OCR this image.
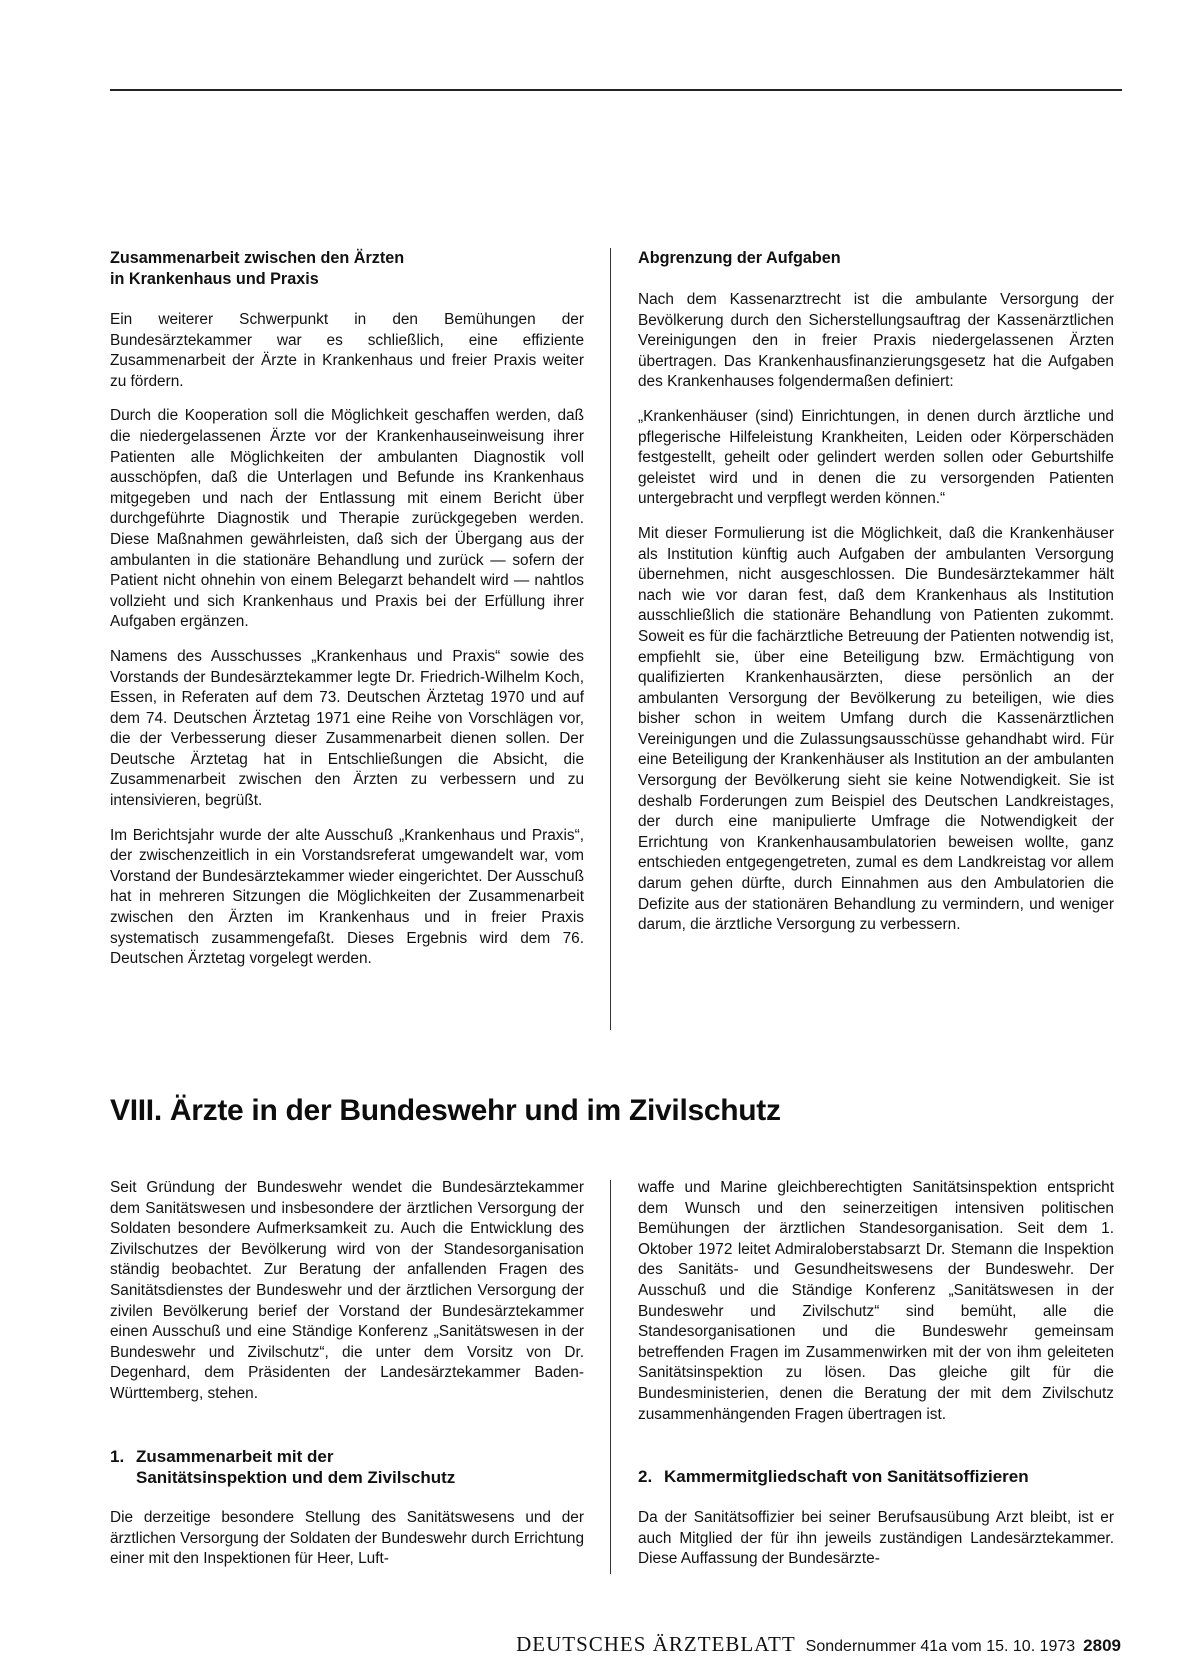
Zusammenarbeit zwischen den Ärzten
in Krankenhaus und Praxis

Ein weiterer Schwerpunkt in den Bemühungen der Bundesärztekammer war es schließlich, eine effiziente Zusammenarbeit der Ärzte in Krankenhaus und freier Praxis weiter zu fördern.

Durch die Kooperation soll die Möglichkeit geschaffen werden, daß die niedergelassenen Ärzte vor der Krankenhauseinweisung ihrer Patienten alle Möglichkeiten der ambulanten Diagnostik voll ausschöpfen, daß die Unterlagen und Befunde ins Krankenhaus mitgegeben und nach der Entlassung mit einem Bericht über durchgeführte Diagnostik und Therapie zurückgegeben werden. Diese Maßnahmen gewährleisten, daß sich der Übergang aus der ambulanten in die stationäre Behandlung und zurück — sofern der Patient nicht ohnehin von einem Belegarzt behandelt wird — nahtlos vollzieht und sich Krankenhaus und Praxis bei der Erfüllung ihrer Aufgaben ergänzen.

Namens des Ausschusses „Krankenhaus und Praxis“ sowie des Vorstands der Bundesärztekammer legte Dr. Friedrich-Wilhelm Koch, Essen, in Referaten auf dem 73. Deutschen Ärztetag 1970 und auf dem 74. Deutschen Ärztetag 1971 eine Reihe von Vorschlägen vor, die der Verbesserung dieser Zusammenarbeit dienen sollen. Der Deutsche Ärztetag hat in Entschließungen die Absicht, die Zusammenarbeit zwischen den Ärzten zu verbessern und zu intensivieren, begrüßt.

Im Berichtsjahr wurde der alte Ausschuß „Krankenhaus und Praxis“, der zwischenzeitlich in ein Vorstandsreferat umgewandelt war, vom Vorstand der Bundesärztekammer wieder eingerichtet. Der Ausschuß hat in mehreren Sitzungen die Möglichkeiten der Zusammenarbeit zwischen den Ärzten im Krankenhaus und in freier Praxis systematisch zusammengefaßt. Dieses Ergebnis wird dem 76. Deutschen Ärztetag vorgelegt werden.

Abgrenzung der Aufgaben

Nach dem Kassenarztrecht ist die ambulante Versorgung der Bevölkerung durch den Sicherstellungsauftrag der Kassenärztlichen Vereinigungen den in freier Praxis niedergelassenen Ärzten übertragen. Das Krankenhausfinanzierungsgesetz hat die Aufgaben des Krankenhauses folgendermaßen definiert:

„Krankenhäuser (sind) Einrichtungen, in denen durch ärztliche und pflegerische Hilfeleistung Krankheiten, Leiden oder Körperschäden festgestellt, geheilt oder gelindert werden sollen oder Geburtshilfe geleistet wird und in denen die zu versorgenden Patienten untergebracht und verpflegt werden können.“

Mit dieser Formulierung ist die Möglichkeit, daß die Krankenhäuser als Institution künftig auch Aufgaben der ambulanten Versorgung übernehmen, nicht ausgeschlossen. Die Bundesärztekammer hält nach wie vor daran fest, daß dem Krankenhaus als Institution ausschließlich die stationäre Behandlung von Patienten zukommt. Soweit es für die fachärztliche Betreuung der Patienten notwendig ist, empfiehlt sie, über eine Beteiligung bzw. Ermächtigung von qualifizierten Krankenhausärzten, diese persönlich an der ambulanten Versorgung der Bevölkerung zu beteiligen, wie dies bisher schon in weitem Umfang durch die Kassenärztlichen Vereinigungen und die Zulassungsausschüsse gehandhabt wird. Für eine Beteiligung der Krankenhäuser als Institution an der ambulanten Versorgung der Bevölkerung sieht sie keine Notwendigkeit. Sie ist deshalb Forderungen zum Beispiel des Deutschen Landkreistages, der durch eine manipulierte Umfrage die Notwendigkeit der Errichtung von Krankenhausambulatorien beweisen wollte, ganz entschieden entgegengetreten, zumal es dem Landkreistag vor allem darum gehen dürfte, durch Einnahmen aus den Ambulatorien die Defizite aus der stationären Behandlung zu vermindern, und weniger darum, die ärztliche Versorgung zu verbessern.

VIII. Ärzte in der Bundeswehr und im Zivilschutz

Seit Gründung der Bundeswehr wendet die Bundesärztekammer dem Sanitätswesen und insbesondere der ärztlichen Versorgung der Soldaten besondere Aufmerksamkeit zu. Auch die Entwicklung des Zivilschutzes der Bevölkerung wird von der Standesorganisation ständig beobachtet. Zur Beratung der anfallenden Fragen des Sanitätsdienstes der Bundeswehr und der ärztlichen Versorgung der zivilen Bevölkerung berief der Vorstand der Bundesärztekammer einen Ausschuß und eine Ständige Konferenz „Sanitätswesen in der Bundeswehr und Zivilschutz“, die unter dem Vorsitz von Dr. Degenhard, dem Präsidenten der Landesärztekammer Baden-Württemberg, stehen.

1. Zusammenarbeit mit der
Sanitätsinspektion und dem Zivilschutz

Die derzeitige besondere Stellung des Sanitätswesens und der ärztlichen Versorgung der Soldaten der Bundeswehr durch Errichtung einer mit den Inspektionen für Heer, Luft-

waffe und Marine gleichberechtigten Sanitätsinspektion entspricht dem Wunsch und den seinerzeitigen intensiven politischen Bemühungen der ärztlichen Standesorganisation. Seit dem 1. Oktober 1972 leitet Admiraloberstabsarzt Dr. Stemann die Inspektion des Sanitäts- und Gesundheitswesens der Bundeswehr. Der Ausschuß und die Ständige Konferenz „Sanitätswesen in der Bundeswehr und Zivilschutz“ sind bemüht, alle die Standesorganisationen und die Bundeswehr gemeinsam betreffenden Fragen im Zusammenwirken mit der von ihm geleiteten Sanitätsinspektion zu lösen. Das gleiche gilt für die Bundesministerien, denen die Beratung der mit dem Zivilschutz zusammenhängenden Fragen übertragen ist.

2. Kammermitgliedschaft von Sanitätsoffizieren

Da der Sanitätsoffizier bei seiner Berufsausübung Arzt bleibt, ist er auch Mitglied der für ihn jeweils zuständigen Landesärztekammer. Diese Auffassung der Bundesärzte-

DEUTSCHES ÄRZTEBLATT Sondernummer 41a vom 15. 10. 1973 2809
